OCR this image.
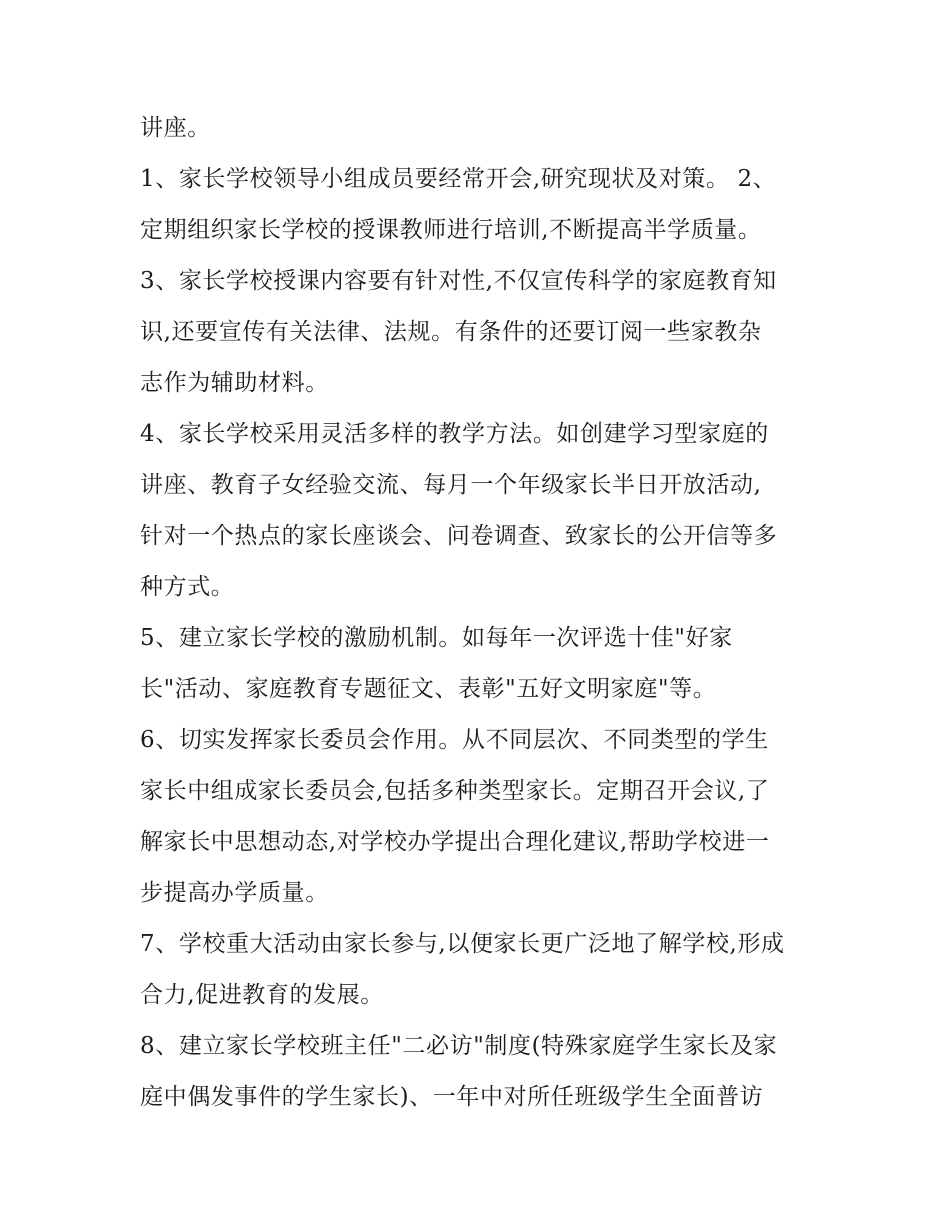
讲座。

1、家长学校领导小组成员要经常开会,研究现状及对策。 2、

定期组织家长学校的授课教师进行培训,不断提高半学质量。

3、家长学校授课内容要有针对性,不仅宣传科学的家庭教育知

识,还要宣传有关法律、法规。有条件的还要订阅一些家教杂

志作为辅助材料。

4、家长学校采用灵活多样的教学方法。如创建学习型家庭的

讲座、教育子女经验交流、每月一个年级家长半日开放活动,

针对一个热点的家长座谈会、问卷调查、致家长的公开信等多

种方式。

5、建立家长学校的激励机制。如每年一次评选十佳"好家

长"活动、家庭教育专题征文、表彰"五好文明家庭"等。

6、切实发挥家长委员会作用。从不同层次、不同类型的学生

家长中组成家长委员会,包括多种类型家长。定期召开会议,了

解家长中思想动态,对学校办学提出合理化建议,帮助学校进一

步提高办学质量。

7、学校重大活动由家长参与,以便家长更广泛地了解学校,形成

合力,促进教育的发展。

8、建立家长学校班主任"二必访"制度(特殊家庭学生家长及家

庭中偶发事件的学生家长)、一年中对所任班级学生全面普访
